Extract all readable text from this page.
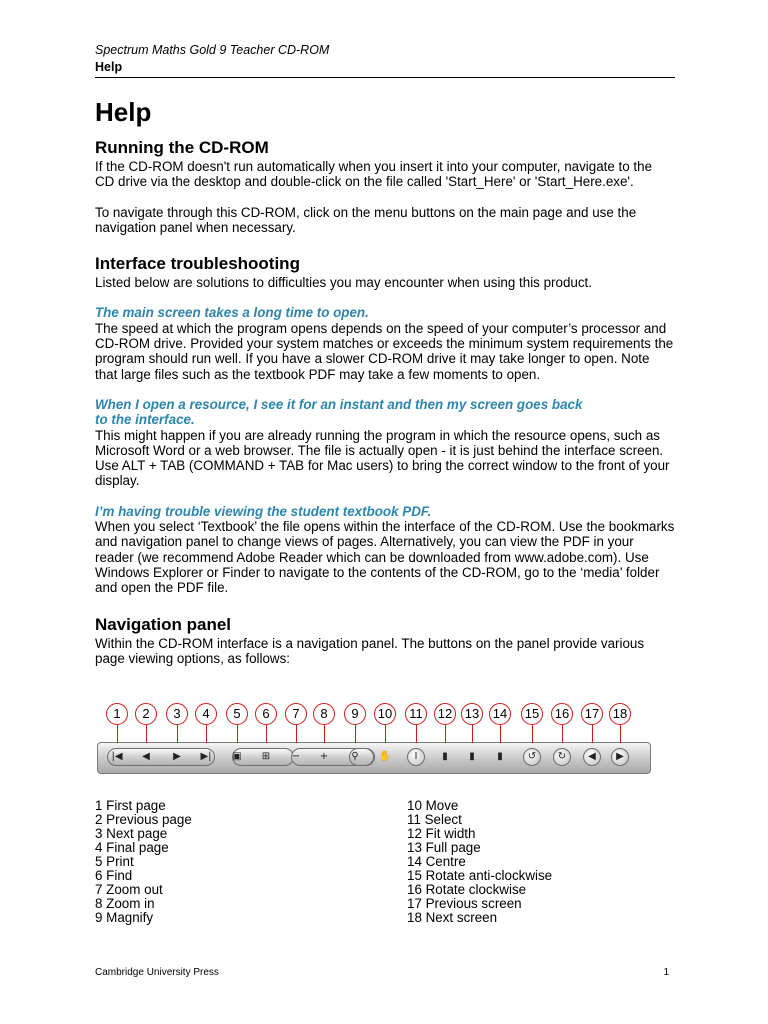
Spectrum Maths Gold 9 Teacher CD-ROM
Help
Help
Running the CD-ROM

If the CD-ROM doesn't run automatically when you insert it into your computer, navigate to the CD drive via the desktop and double-click on the file called 'Start_Here' or 'Start_Here.exe'.

To navigate through this CD-ROM, click on the menu buttons on the main page and use the navigation panel when necessary.

Interface troubleshooting

Listed below are solutions to difficulties you may encounter when using this product.

The main screen takes a long time to open.

The speed at which the program opens depends on the speed of your computer’s processor and CD-ROM drive. Provided your system matches or exceeds the minimum system requirements the program should run well. If you have a slower CD-ROM drive it may take longer to open. Note that large files such as the textbook PDF may take a few moments to open.

When I open a resource, I see it for an instant and then my screen goes back

to the interface.

This might happen if you are already running the program in which the resource opens, such as Microsoft Word or a web browser. The file is actually open - it is just behind the interface screen. Use ALT + TAB (COMMAND + TAB for Mac users) to bring the correct window to the front of your display.

I’m having trouble viewing the student textbook PDF.

When you select ‘Textbook’ the file opens within the interface of the CD-ROM. Use the bookmarks and navigation panel to change views of pages. Alternatively, you can view the PDF in your reader (we recommend Adobe Reader which can be downloaded from www.adobe.com). Use Windows Explorer or Finder to navigate to the contents of the CD-ROM, go to the ‘media’ folder and open the PDF file.

Navigation panel

Within the CD-ROM interface is a navigation panel. The buttons on the panel provide various page viewing options, as follows:

|◀	◀	▶	▶|	▣	⊞	−	+	⚲	✋	Ⅰ	▮	▮	▮	↺	↻	◀	▶
1	2	3	4	5	6	7	8	9	10	11	12 13 14 15 16 17 18
1 First page
2 Previous page
3 Next page
4 Final page
5 Print
6 Find
7 Zoom out
8 Zoom in
9 Magnify
10 Move
11 Select
12 Fit width
13 Full page
14 Centre
15 Rotate anti-clockwise
16 Rotate clockwise
17 Previous screen
18 Next screen
Cambridge University Press	1
